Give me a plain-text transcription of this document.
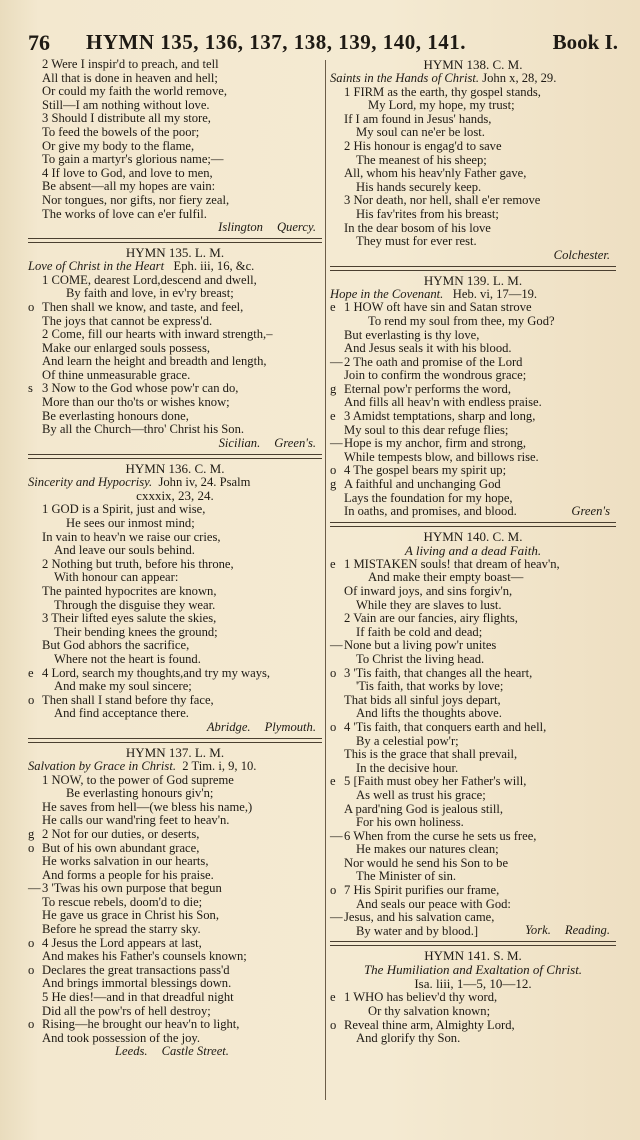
76 HYMN 135, 136, 137, 138, 139, 140, 141.	Book I.
2 Were I inspir'd to preach, and tell
All that is done in heaven and hell;
Or could my faith the world remove,
Still—I am nothing without love.
3 Should I distribute all my store,
To feed the bowels of the poor;
Or give my body to the flame,
To gain a martyr's glorious name;—
4 If love to God, and love to men,
Be absent—all my hopes are vain:
Nor tongues, nor gifts, nor fiery zeal,
The works of love can e'er fulfil.
Islington Quercy.
HYMN 135. L. M.
Love of Christ in the Heart Eph. iii, 16, &c.
1 COME, dearest Lord,descend and dwell,
By faith and love, in ev'ry breast;
o Then shall we know, and taste, and feel,
The joys that cannot be express'd.
2 Come, fill our hearts with inward strength,–
Make our enlarged souls possess,
And learn the height and breadth and length,
Of thine unmeasurable grace.
s 3 Now to the God whose pow'r can do,
More than our tho'ts or wishes know;
Be everlasting honours done,
By all the Church—thro' Christ his Son.
Sicilian. Green's.
HYMN 136. C. M.
Sincerity and Hypocrisy. John iv, 24. Psalm
cxxxix, 23, 24.
1 GOD is a Spirit, just and wise,
He sees our inmost mind;
In vain to heav'n we raise our cries,
And leave our souls behind.
2 Nothing but truth, before his throne,
With honour can appear:
The painted hypocrites are known,
Through the disguise they wear.
3 Their lifted eyes salute the skies,
Their bending knees the ground;
But God abhors the sacrifice,
Where not the heart is found.
e 4 Lord, search my thoughts,and try my ways,
And make my soul sincere;
o Then shall I stand before thy face,
And find acceptance there.
Abridge. Plymouth.
HYMN 137. L. M.
Salvation by Grace in Christ. 2 Tim. i, 9, 10.
1 NOW, to the power of God supreme
Be everlasting honours giv'n;
He saves from hell—(we bless his name,)
He calls our wand'ring feet to heav'n.
g 2 Not for our duties, or deserts,
o But of his own abundant grace,
He works salvation in our hearts,
And forms a people for his praise.
— 3 'Twas his own purpose that begun
To rescue rebels, doom'd to die;
He gave us grace in Christ his Son,
Before he spread the starry sky.
o 4 Jesus the Lord appears at last,
And makes his Father's counsels known;
o Declares the great transactions pass'd
And brings immortal blessings down.
5 He dies!—and in that dreadful night
Did all the pow'rs of hell destroy;
o Rising—he brought our heav'n to light,
And took possession of the joy.
Leeds. Castle Street.
HYMN 138. C. M.
Saints in the Hands of Christ. John x, 28, 29.
1 FIRM as the earth, thy gospel stands,
My Lord, my hope, my trust;
If I am found in Jesus' hands,
My soul can ne'er be lost.
2 His honour is engag'd to save
The meanest of his sheep;
All, whom his heav'nly Father gave,
His hands securely keep.
3 Nor death, nor hell, shall e'er remove
His fav'rites from his breast;
In the dear bosom of his love
They must for ever rest.
Colchester.
HYMN 139. L. M.
Hope in the Covenant. Heb. vi, 17—19.
e 1 HOW oft have sin and Satan strove
To rend my soul from thee, my God?
But everlasting is thy love,
And Jesus seals it with his blood.
— 2 The oath and promise of the Lord
Join to confirm the wondrous grace;
g Eternal pow'r performs the word,
And fills all heav'n with endless praise.
e 3 Amidst temptations, sharp and long,
My soul to this dear refuge flies;
— Hope is my anchor, firm and strong,
While tempests blow, and billows rise.
o 4 The gospel bears my spirit up;
g A faithful and unchanging God
Lays the foundation for my hope,
In oaths, and promises, and blood.	Green's
HYMN 140. C. M.
A living and a dead Faith.
e 1 MISTAKEN souls! that dream of heav'n,
And make their empty boast—
Of inward joys, and sins forgiv'n,
While they are slaves to lust.
2 Vain are our fancies, airy flights,
If faith be cold and dead;
— None but a living pow'r unites
To Christ the living head.
o 3 'Tis faith, that changes all the heart,
'Tis faith, that works by love;
That bids all sinful joys depart,
And lifts the thoughts above.
o 4 'Tis faith, that conquers earth and hell,
By a celestial pow'r;
This is the grace that shall prevail,
In the decisive hour.
e 5 [Faith must obey her Father's will,
As well as trust his grace;
A pard'ning God is jealous still,
For his own holiness.
— 6 When from the curse he sets us free,
He makes our natures clean;
Nor would he send his Son to be
The Minister of sin.
o 7 His Spirit purifies our frame,
And seals our peace with God:
— Jesus, and his salvation came,
By water and by blood.]	York. Reading.
HYMN 141. S. M.
The Humiliation and Exaltation of Christ.
Isa. liii, 1—5, 10—12.
e 1 WHO has believ'd thy word,
Or thy salvation known;
o Reveal thine arm, Almighty Lord,
And glorify thy Son.
